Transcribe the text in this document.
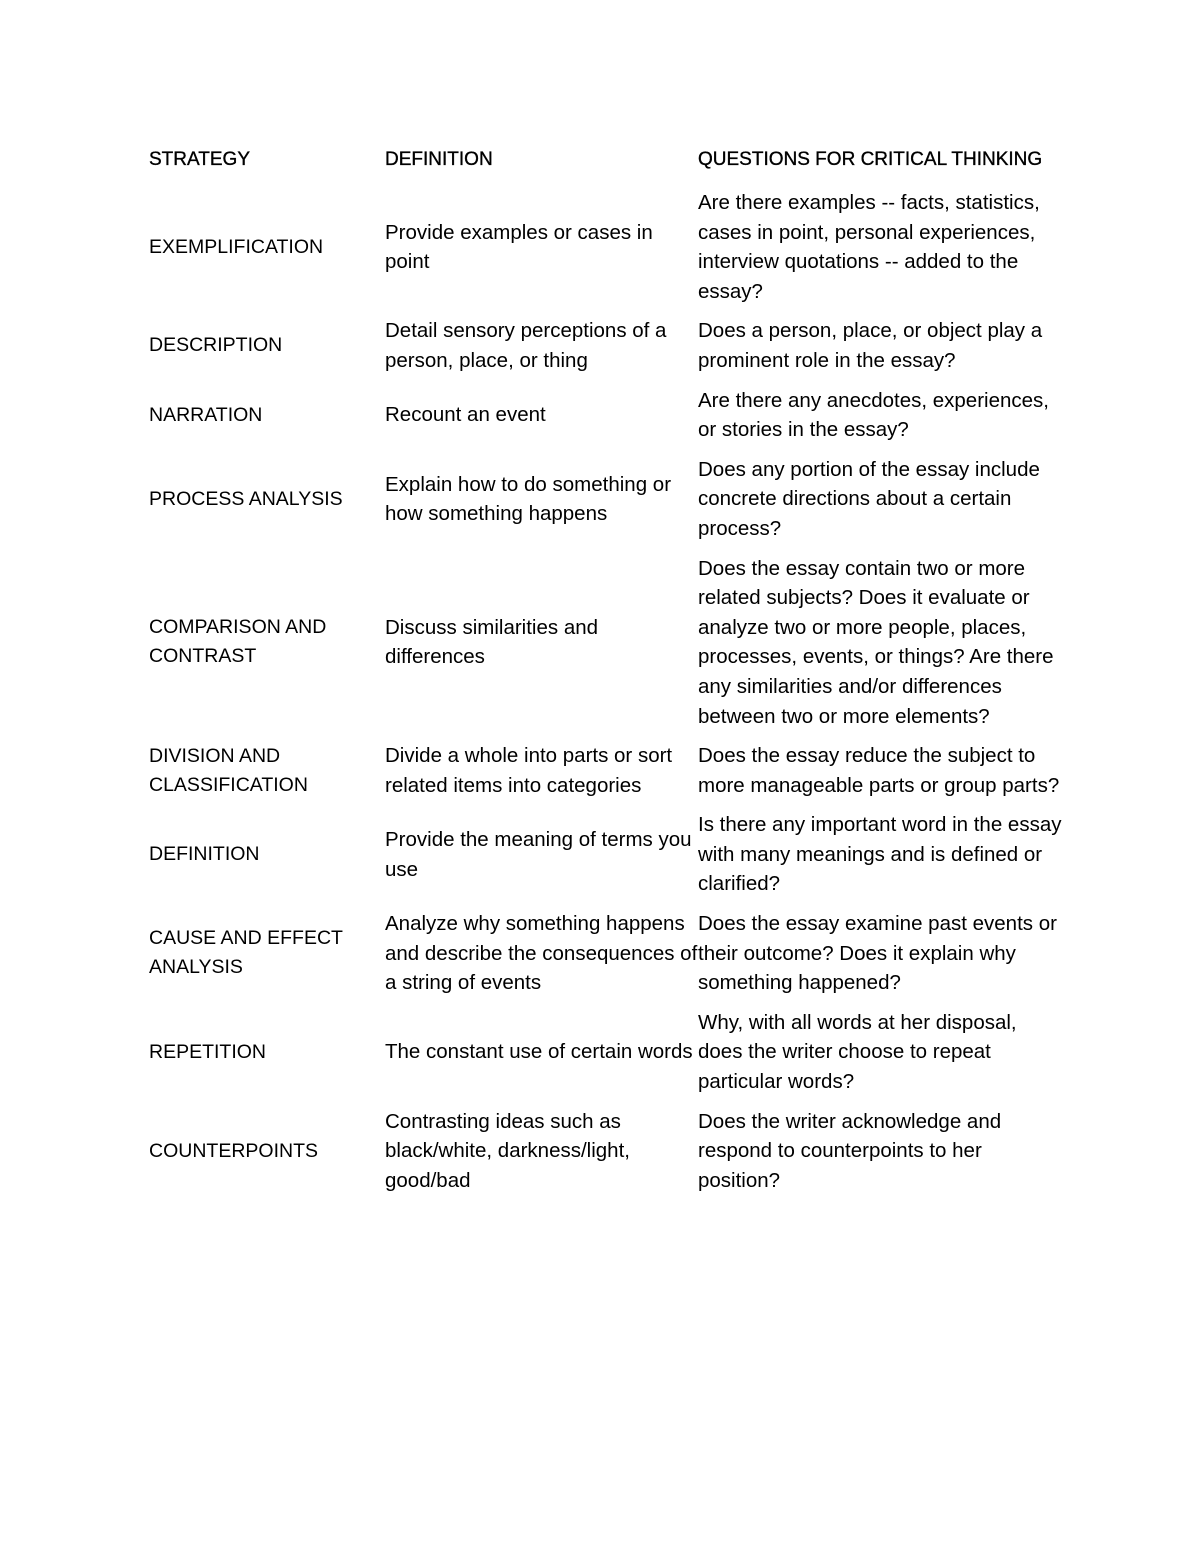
STRATEGY	DEFINITION	QUESTIONS FOR CRITICAL THINKING
EXEMPLIFICATION	Provide examples or cases in point	Are there examples -- facts, statistics, cases in point, personal experiences, interview quotations -- added to the essay?
DESCRIPTION	Detail sensory perceptions of a person, place, or thing	Does a person, place, or object play a prominent role in the essay?
NARRATION	Recount an event	Are there any anecdotes, experiences, or stories in the essay?
PROCESS ANALYSIS	Explain how to do something or how something happens	Does any portion of the essay include concrete directions about a certain process?
COMPARISON AND CONTRAST	Discuss similarities and differences	Does the essay contain two or more related subjects? Does it evaluate or analyze two or more people, places, processes, events, or things? Are there any similarities and/or differences between two or more elements?
DIVISION AND CLASSIFICATION	Divide a whole into parts or sort related items into categories	Does the essay reduce the subject to more manageable parts or group parts?
DEFINITION	Provide the meaning of terms you use	Is there any important word in the essay with many meanings and is defined or clarified?
CAUSE AND EFFECT ANALYSIS	Analyze why something happens and describe the consequences of a string of events	Does the essay examine past events or their outcome? Does it explain why something happened?
REPETITION	The constant use of certain words	Why, with all words at her disposal, does the writer choose to repeat particular words?
COUNTERPOINTS	Contrasting ideas such as black/white, darkness/light, good/bad	Does the writer acknowledge and respond to counterpoints to her position?
